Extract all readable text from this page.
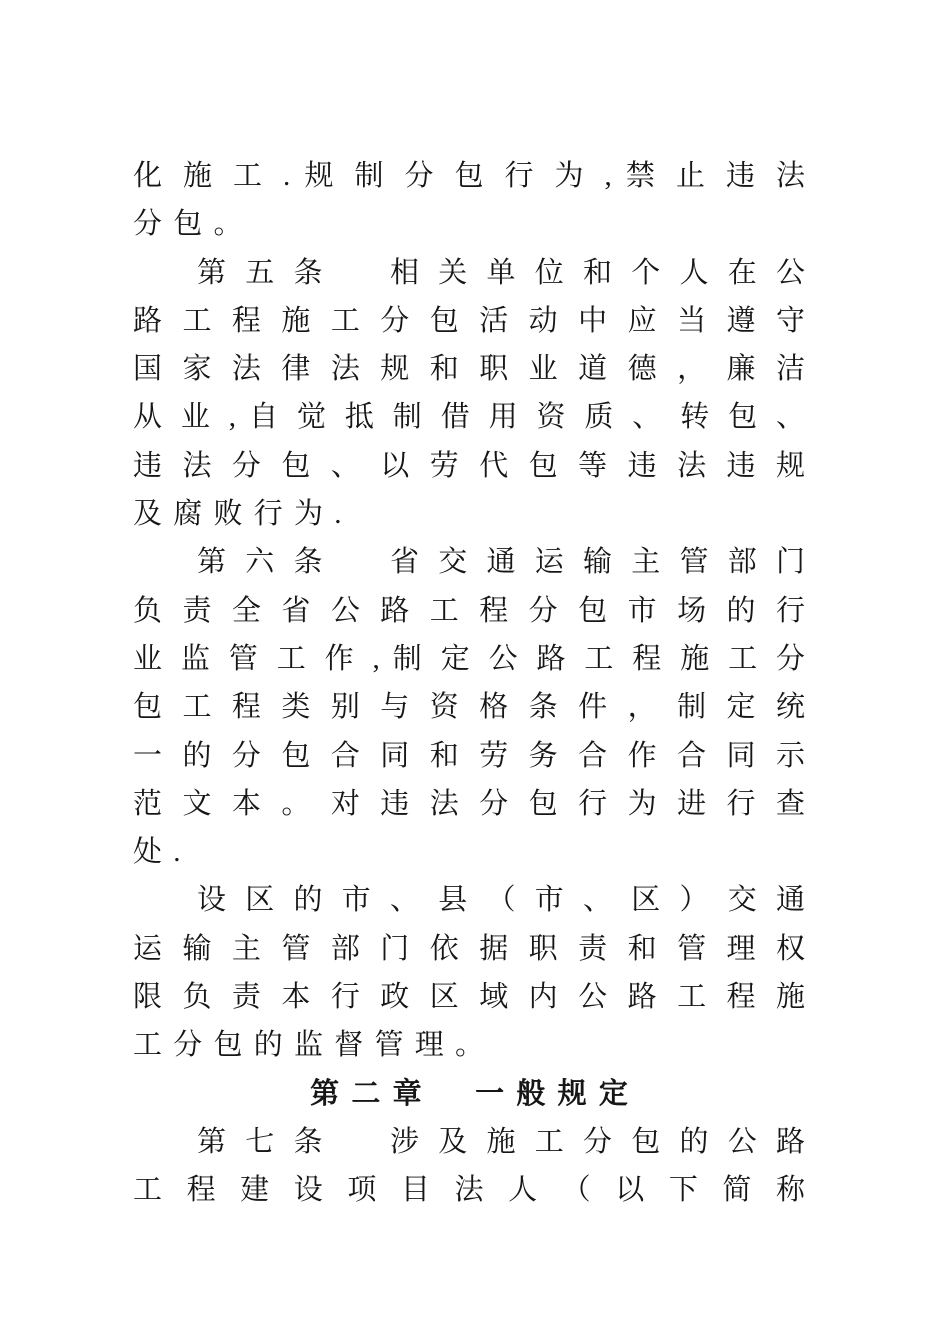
化 施 工 . 规 制 分 包 行 为 , 禁 止 违 法
分 包 。
第 五 条 　 相 关 单 位 和 个 人 在 公
路 工 程 施 工 分 包 活 动 中 应 当 遵 守
国 家 法 律 法 规 和 职 业 道 德 ， 廉 洁
从 业 , 自 觉 抵 制 借 用 资 质 、 转 包 、
违 法 分 包 、 以 劳 代 包 等 违 法 违 规
及 腐 败 行 为 .
第 六 条 　 省 交 通 运 输 主 管 部 门
负 责 全 省 公 路 工 程 分 包 市 场 的 行
业 监 管 工 作 , 制 定 公 路 工 程 施 工 分
包 工 程 类 别 与 资 格 条 件 ， 制 定 统
一 的 分 包 合 同 和 劳 务 合 作 合 同 示
范 文 本 。 对 违 法 分 包 行 为 进 行 查
处 .
设 区 的 市 、 县 （ 市 、 区 ） 交 通
运 输 主 管 部 门 依 据 职 责 和 管 理 权
限 负 责 本 行 政 区 域 内 公 路 工 程 施
工 分 包 的 监 督 管 理 。
第 二 章 　 一 般 规 定
第 七 条 　 涉 及 施 工 分 包 的 公 路
工 程 建 设 项 目 法 人 （ 以 下 简 称
